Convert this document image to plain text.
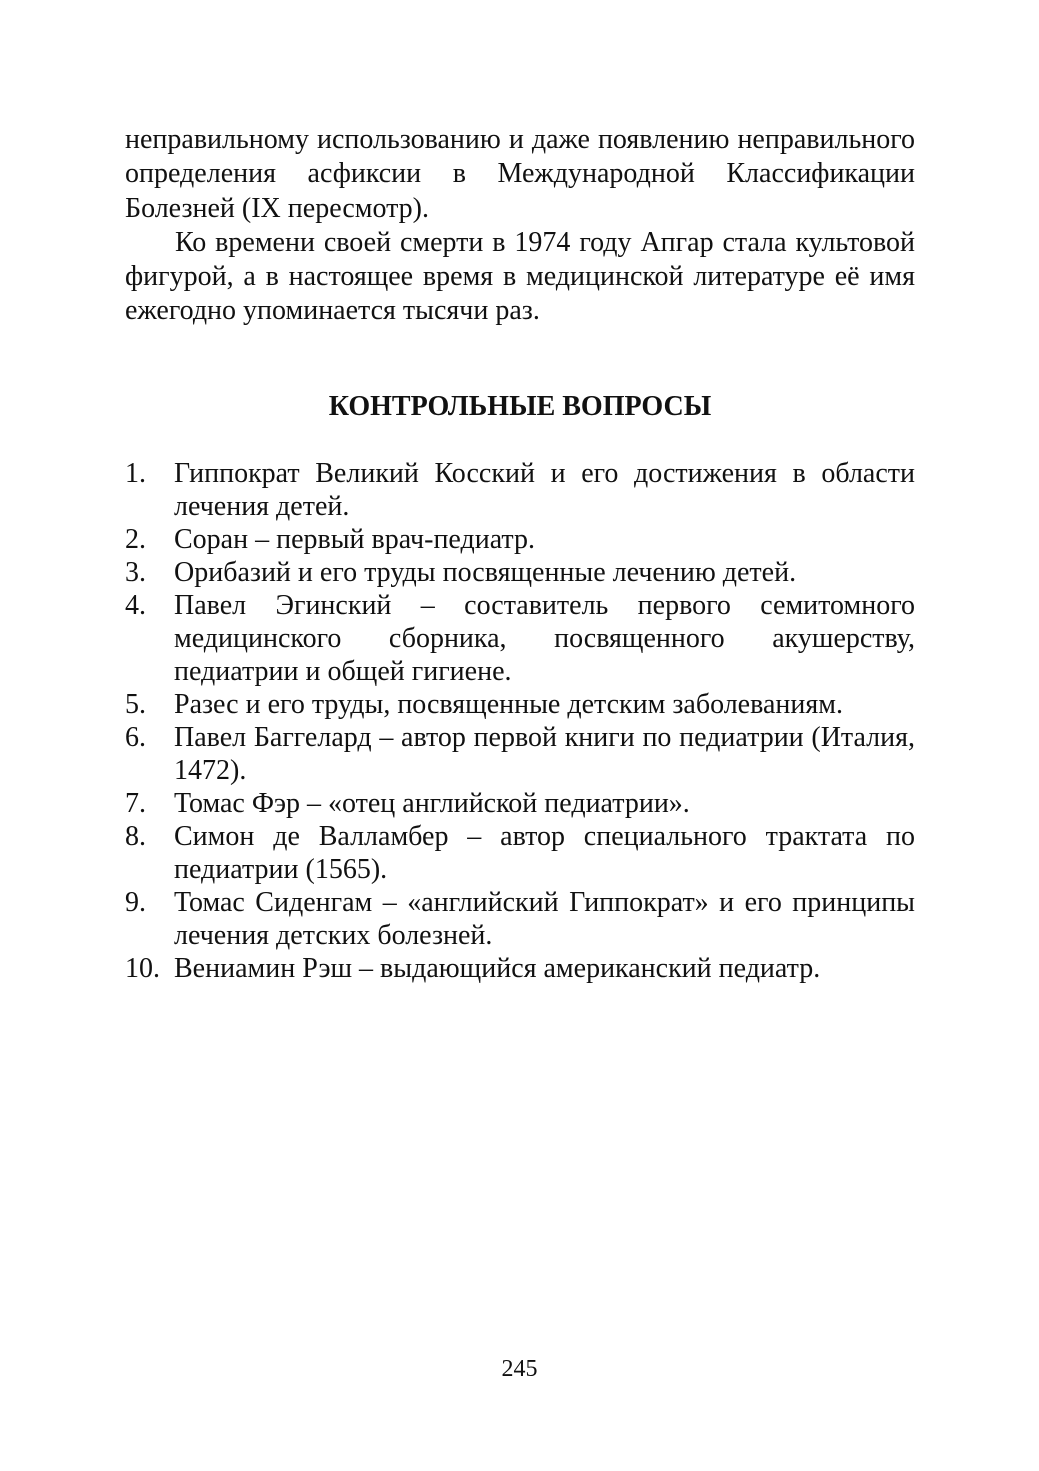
неправильному использованию и даже появлению неправильного определения асфиксии в Международной Классификации Болезней (IX пересмотр).

Ко времени своей смерти в 1974 году Апгар стала культовой фигурой, а в настоящее время в медицинской литературе её имя ежегодно упоминается тысячи раз.

КОНТРОЛЬНЫЕ ВОПРОСЫ
1. Гиппократ Великий Косский и его достижения в области лечения детей.
2. Соран – первый врач-педиатр.
3. Орибазий и его труды посвященные лечению детей.
4. Павел Эгинский – составитель первого семитомного медицинского сборника, посвященного акушерству, педиатрии и общей гигиене.
5. Разес и его труды, посвященные детским заболеваниям.
6. Павел Баггелард – автор первой книги по педиатрии (Италия, 1472).
7. Томас Фэр – «отец английской педиатрии».
8. Симон де Валламбер – автор специального трактата по педиатрии (1565).
9. Томас Сиденгам – «английский Гиппократ» и его принципы лечения детских болезней.
10. Вениамин Рэш – выдающийся американский педиатр.
245
